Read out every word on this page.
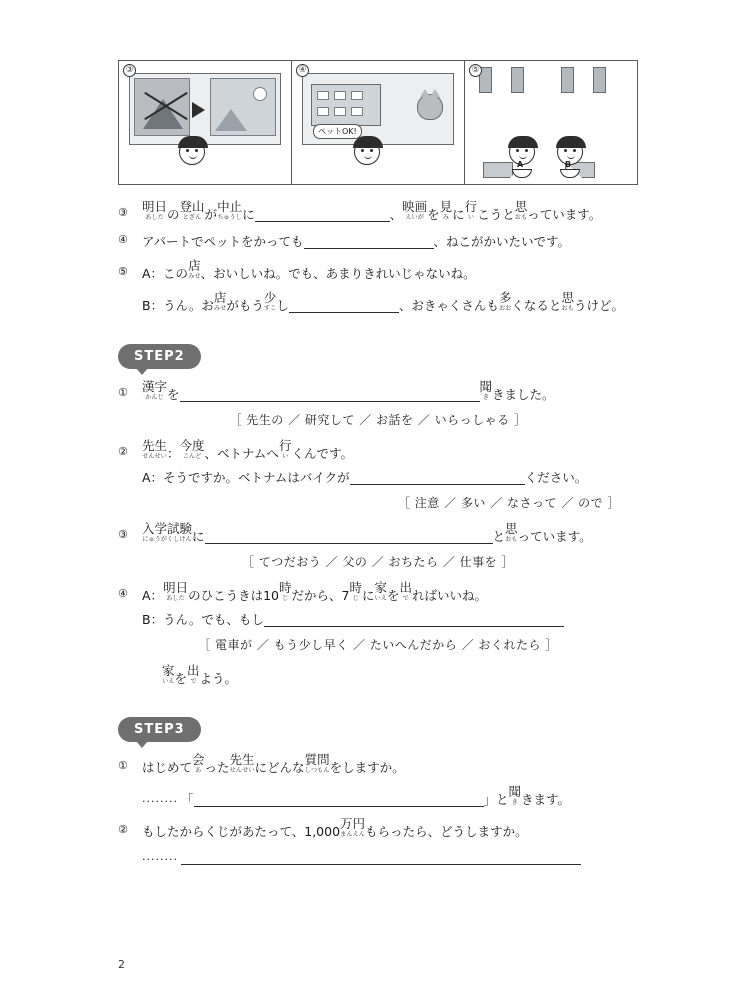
③	④
ペットOK!
⑤
A	B
③	明日
あした の
登山
とざん が
中止
ちゅうし に	、
映画
えいが を
見
み に
行
い こうと
思
おも っています。
④	アパートでペットをかっても	、ねこがかいたいです。
⑤	A：この
店
みせ 、おいしいね。でも、あまりきれいじゃないね。
B：うん。お
店
みせ がもう
少
すこ し	、おきゃくさんも
多
おお くなると
思
おも うけど。
STEP2
①	漢字
かんじ を
聞
き きました。
［ 先生の ／ 研究して ／ お話を ／ いらっしゃる ］
②	先生
せんせい ：
今度
こんど 、ベトナムへ
行
い くんです。
A：そうですか。ベトナムはバイクが	ください。
［ 注意 ／ 多い ／ なさって ／ ので ］
③	入学試験
にゅうがくしけん に	と
思
おも っています。
［ てつだおう ／ 父の ／ おちたら ／ 仕事を ］
④	A：
明日
あした のひこうきは10
時
じ だから、7
時
じ に
家
いえ を
出
で ればいいね。
B：うん。でも、もし
［ 電車が ／ もう少し早く ／ たいへんだから ／ おくれたら ］
家
いえ を
出
で よう。
STEP3
①	はじめて
会
あ った
先生
せんせい にどんな
質問
しつもん をしますか。
........ 「	」と
聞
き きます。
②	もしたからくじがあたって、1,000
万円
まんえん もらったら、どうしますか。
........
2
